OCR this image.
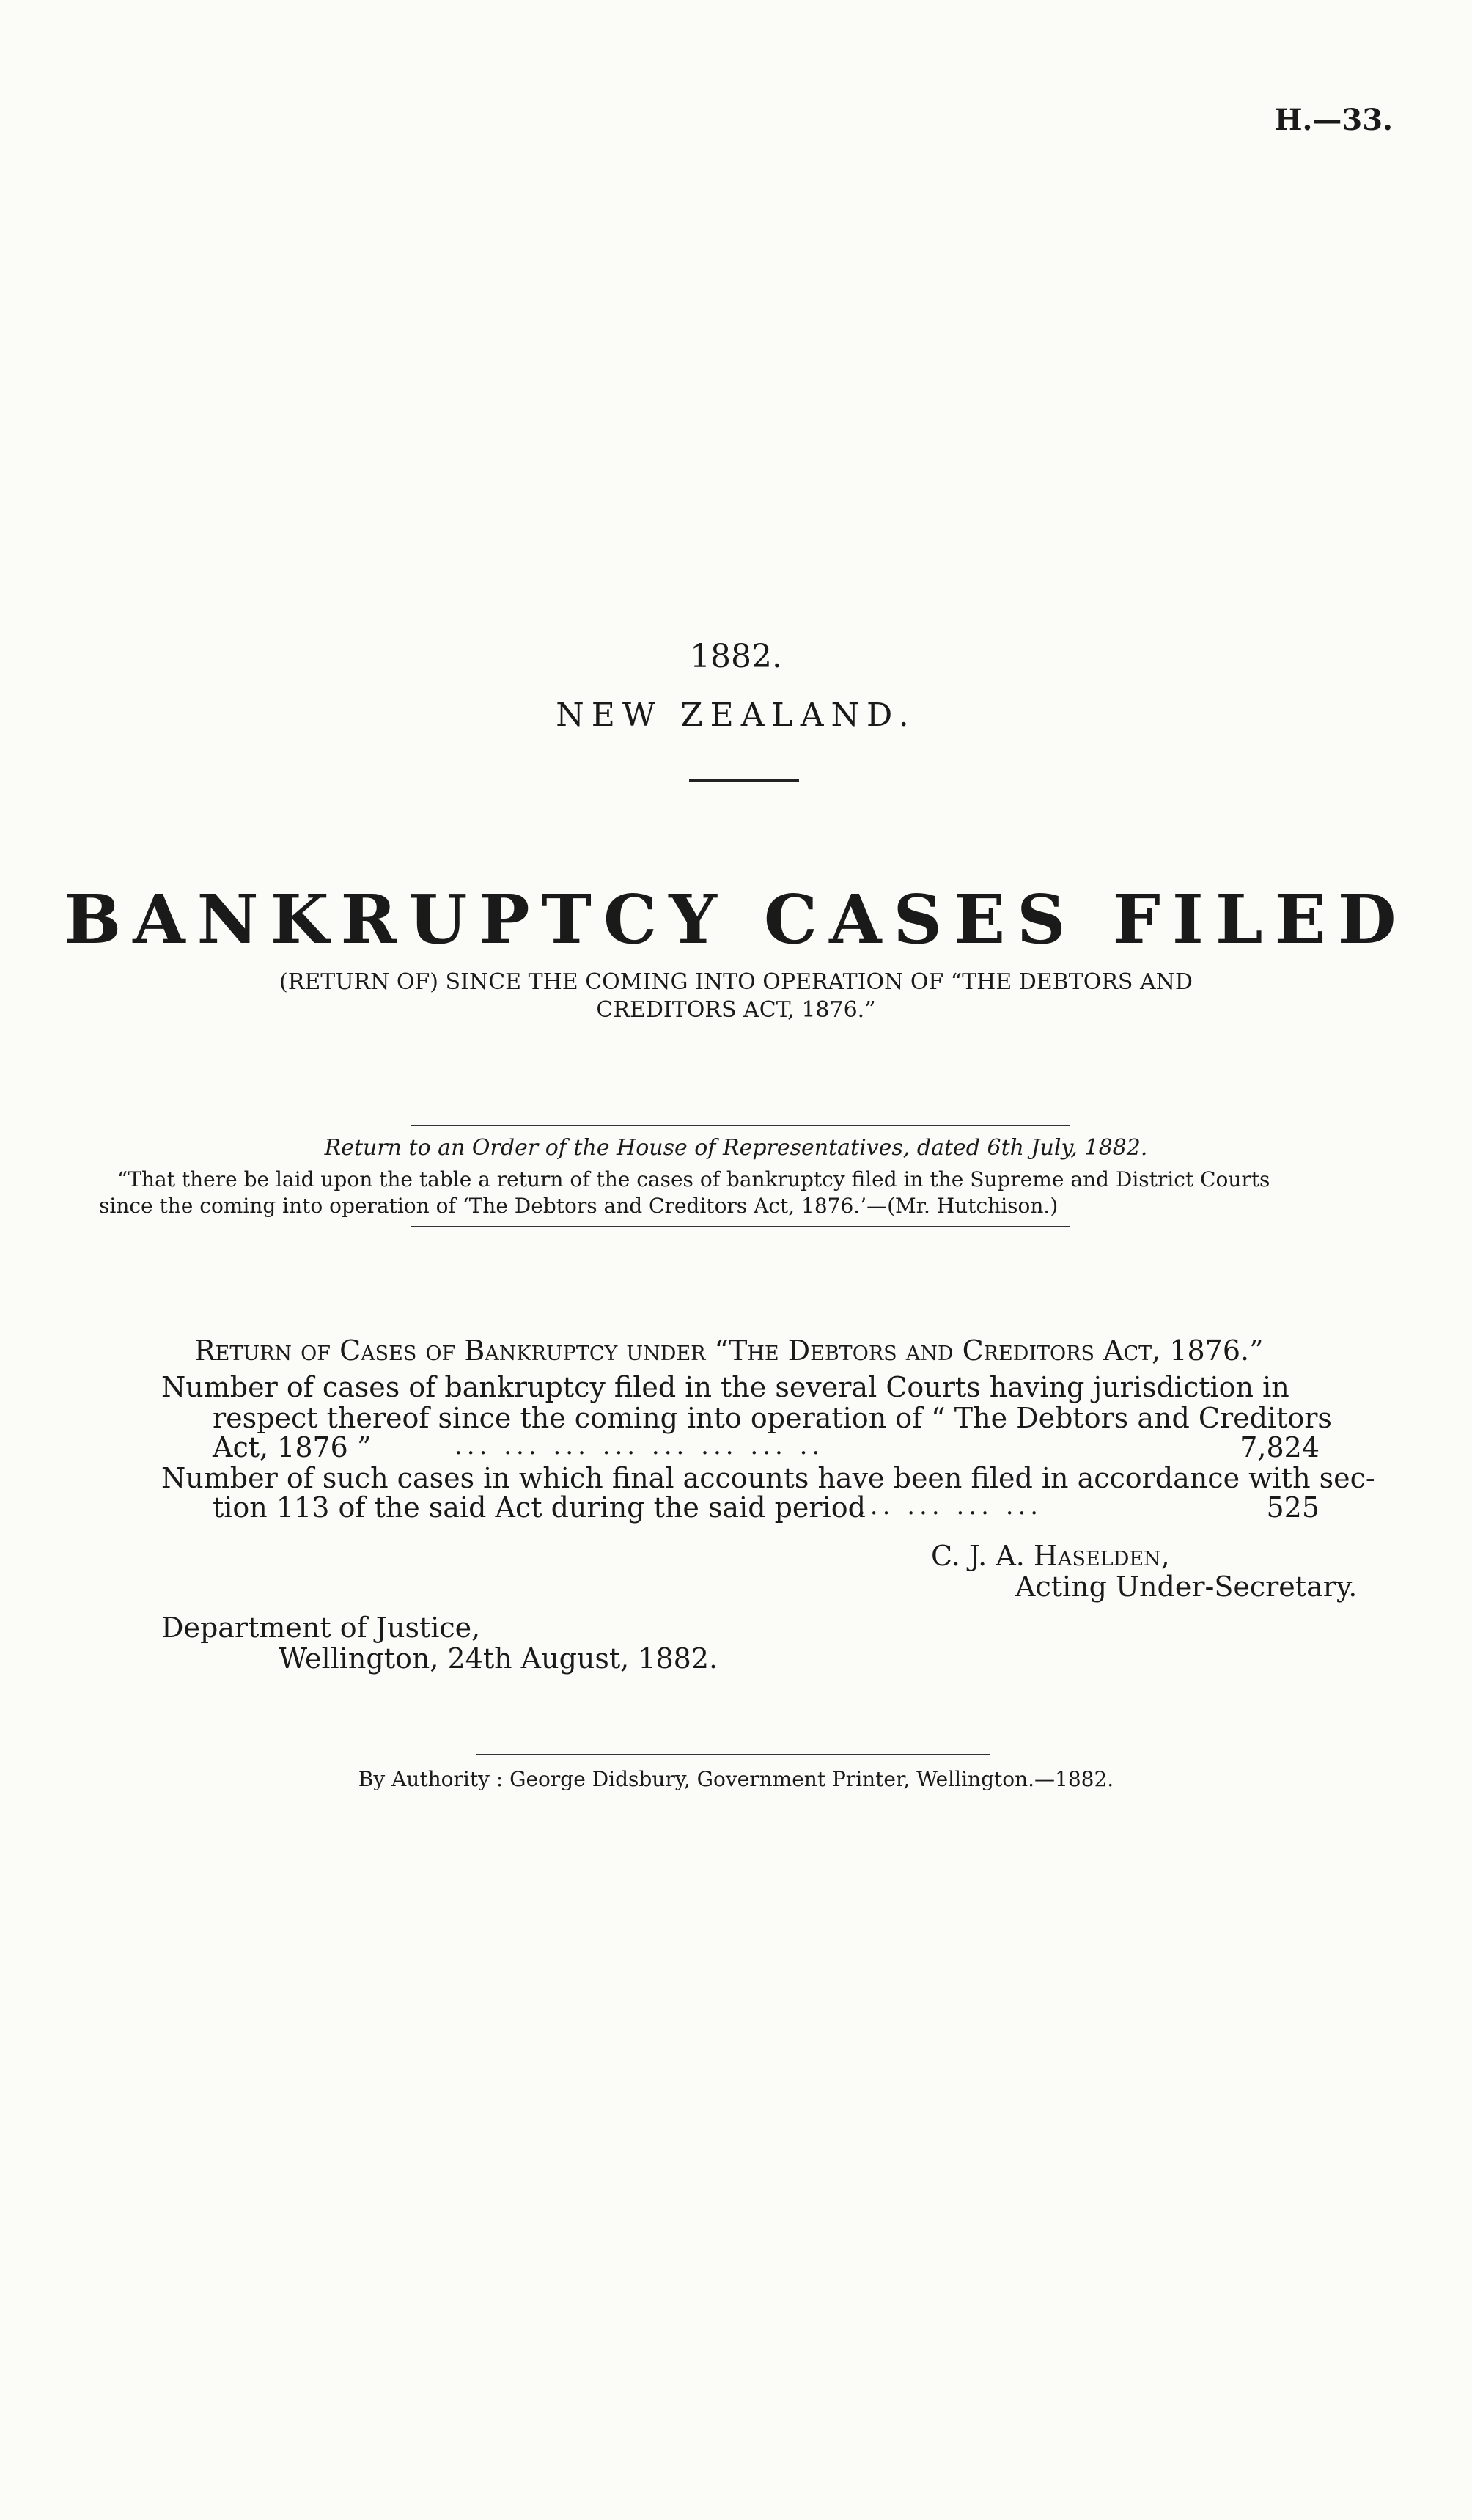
H.—33.
1882.
NEW ZEALAND.
BANKRUPTCY CASES FILED
(RETURN OF) SINCE THE COMING INTO OPERATION OF “THE DEBTORS AND
CREDITORS ACT, 1876.”
Return to an Order of the House of Representatives, dated 6th July, 1882.
“That there be laid upon the table a return of the cases of bankruptcy filed in the Supreme and District Courts
since the coming into operation of ‘The Debtors and Creditors Act, 1876.’—(Mr. Hutchison.)
Return of Cases of Bankruptcy under “The Debtors and Creditors Act, 1876.”
Number of cases of bankruptcy filed in the several Courts having jurisdiction in
respect thereof since the coming into operation of “ The Debtors and Creditors
Act, 1876 ”	... ... ... ... ... ... ... ..	7,824
Number of such cases in which final accounts have been filed in accordance with sec-
tion 113 of the said Act during the said period
... ... ... ...	525
C. J. A. Haselden,
Acting Under-Secretary.
Department of Justice,
Wellington, 24th August, 1882.
By Authority : George Didsbury, Government Printer, Wellington.—1882.
